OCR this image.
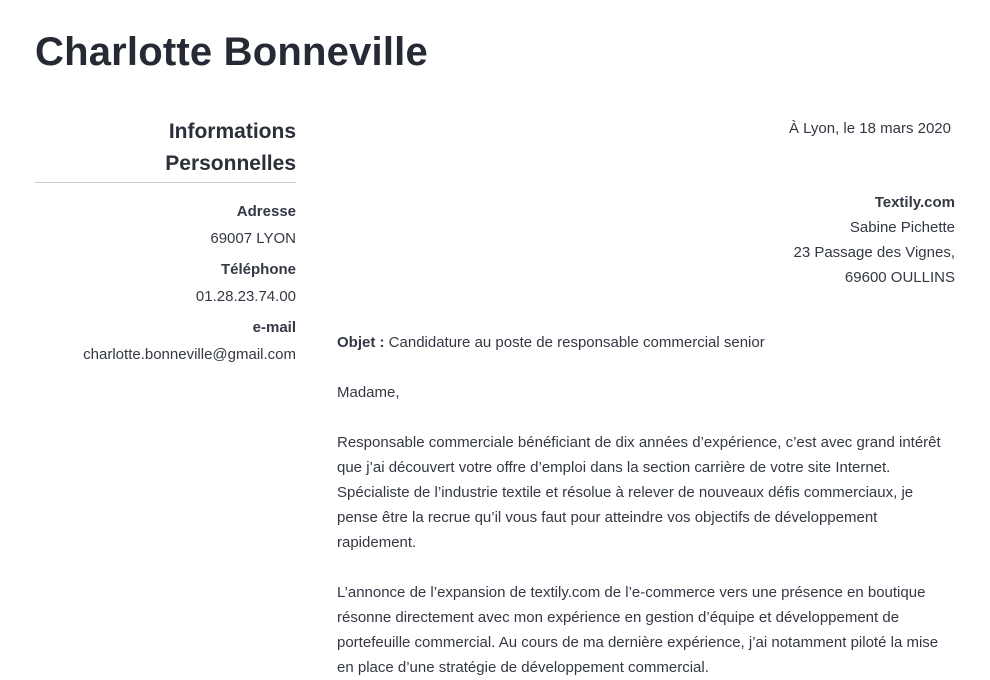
Charlotte Bonneville
Informations Personnelles
Adresse
69007 LYON
Téléphone
01.28.23.74.00
e-mail
charlotte.bonneville@gmail.com
À Lyon, le 18 mars 2020
Textily.com
Sabine Pichette
23 Passage des Vignes,
69600 OULLINS
Objet : Candidature au poste de responsable commercial senior
Madame,

Responsable commerciale bénéficiant de dix années d’expérience, c’est avec grand intérêt que j’ai découvert votre offre d’emploi dans la section carrière de votre site Internet. Spécialiste de l’industrie textile et résolue à relever de nouveaux défis commerciaux, je pense être la recrue qu’il vous faut pour atteindre vos objectifs de développement rapidement.

L’annonce de l’expansion de textily.com de l’e-commerce vers une présence en boutique résonne directement avec mon expérience en gestion d’équipe et développement de portefeuille commercial. Au cours de ma dernière expérience, j’ai notamment piloté la mise en place d’une stratégie de développement commercial.
